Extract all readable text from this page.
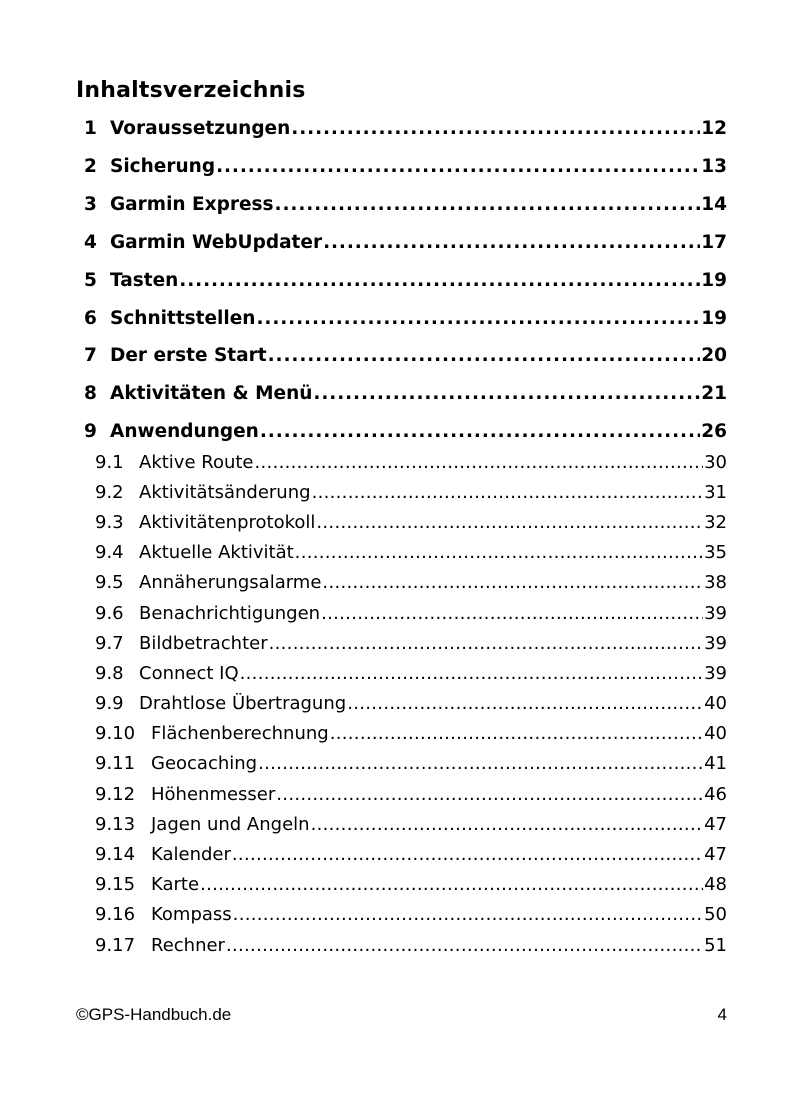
Inhaltsverzeichnis
1 Voraussetzungen .....	12
2 Sicherung .....	13
3 Garmin Express .....	14
4 Garmin WebUpdater .....	17
5 Tasten .....	19
6 Schnittstellen .....	19
7 Der erste Start .....	20
8 Aktivitäten & Menü .....	21
9 Anwendungen .....	26
9.1 Aktive Route .....	30
9.2 Aktivitätsänderung .....	31
9.3 Aktivitätenprotokoll .....	32
9.4 Aktuelle Aktivität .....	35
9.5 Annäherungsalarme .....	38
9.6 Benachrichtigungen .....	39
9.7 Bildbetrachter .....	39
9.8 Connect IQ .....	39
9.9 Drahtlose Übertragung .....	40
9.10 Flächenberechnung .....	40
9.11 Geocaching .....	41
9.12 Höhenmesser .....	46
9.13 Jagen und Angeln .....	47
9.14 Kalender .....	47
9.15 Karte .....	48
9.16 Kompass .....	50
9.17 Rechner .....	51
©GPS-Handbuch.de	4
